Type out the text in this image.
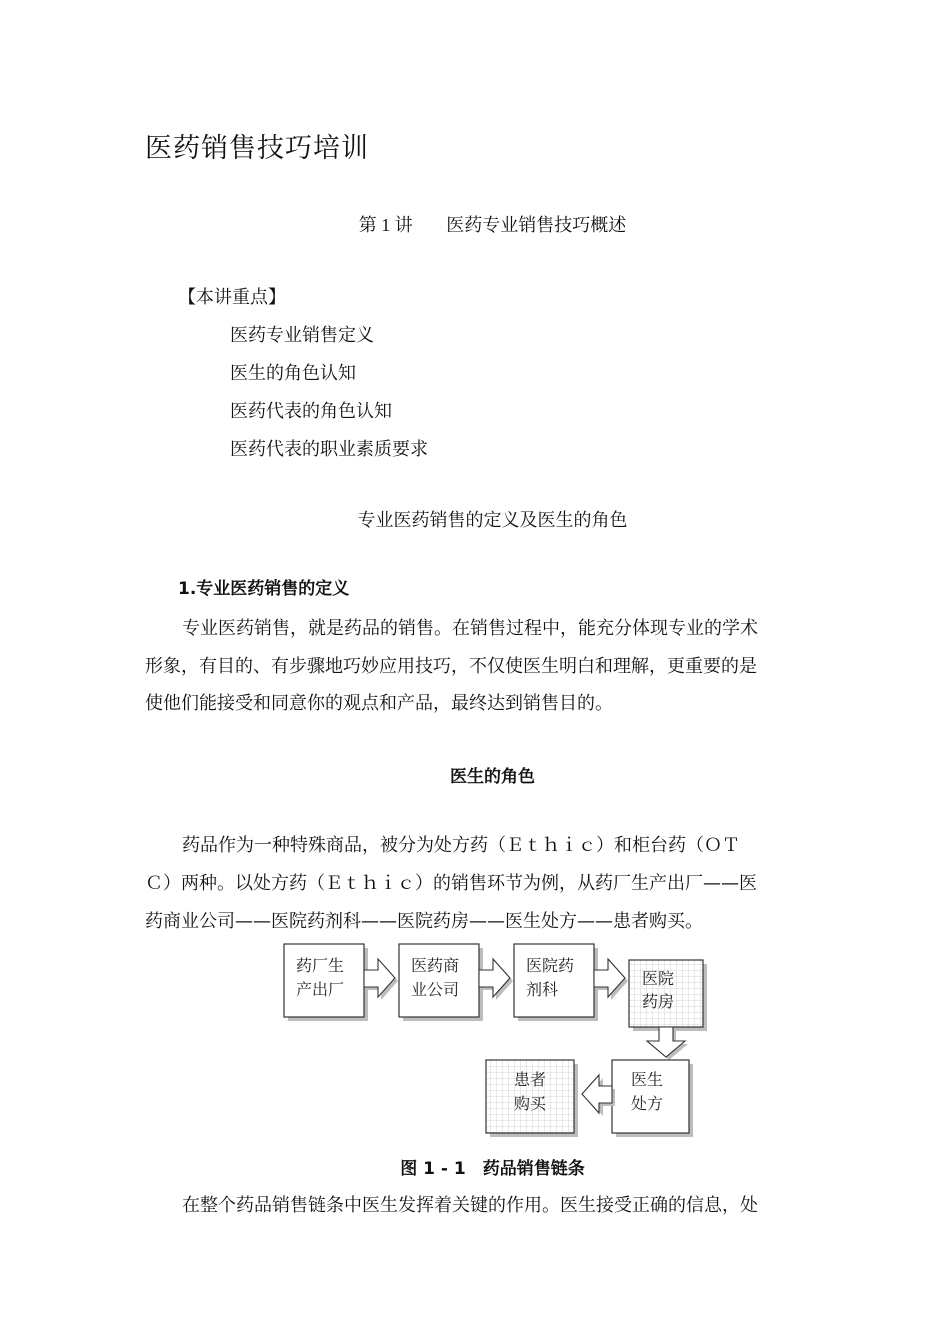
医药销售技巧培训
第 1 讲 医药专业销售技巧概述
【本讲重点】
医药专业销售定义
医生的角色认知
医药代表的角色认知
医药代表的职业素质要求
专业医药销售的定义及医生的角色
1.专业医药销售的定义
专业医药销售，就是药品的销售。在销售过程中，能充分体现专业的学术
形象，有目的、有步骤地巧妙应用技巧，不仅使医生明白和理解，更重要的是
使他们能接受和同意你的观点和产品，最终达到销售目的。
医生的角色
药品作为一种特殊商品，被分为处方药（Ｅｔｈｉｃ）和柜台药（ＯＴ
Ｃ）两种。以处方药（Ｅｔｈｉｃ）的销售环节为例，从药厂生产出厂——医
药商业公司——医院药剂科——医院药房——医生处方——患者购买。
药厂生
产出厂
医药商
业公司
医院药
剂科
医院
药房
医生
处方
患者
购买
图 1 - 1　药品销售链条
在整个药品销售链条中医生发挥着关键的作用。医生接受正确的信息，处
